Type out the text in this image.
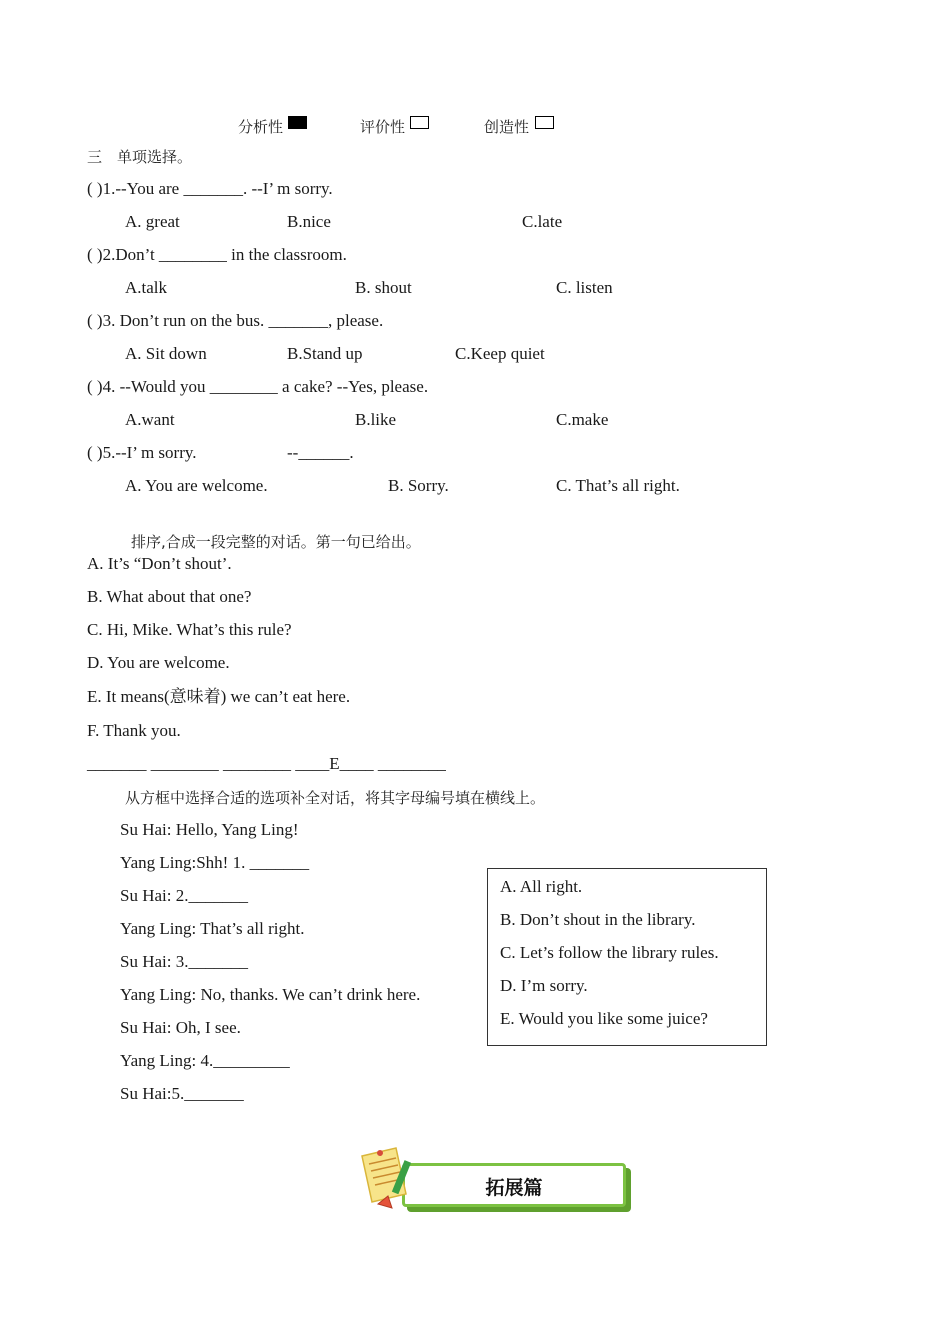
分析性	评价性	创造性
三　单项选择。
( )1.--You are _______. --I’ m sorry.
A. great	B.nice	C.late
( )2.Don’t ________ in the classroom.
A.talk	B. shout	C. listen
( )3. Don’t run on the bus. _______, please.
A. Sit down	B.Stand up	C.Keep quiet
( )4. --Would you ________ a cake? --Yes, please.
A.want	B.like	C.make
( )5.--I’ m sorry.	--______.
A. You are welcome.	B. Sorry.	C. That’s all right.
排序,合成一段完整的对话。第一句已给出。
A. It’s “Don’t shout’.
B. What about that one?
C. Hi, Mike. What’s this rule?
D. You are welcome.
E. It means(意味着) we can’t eat here.
F. Thank you.
_______ ________ ________ ____E____ ________
从方框中选择合适的选项补全对话，将其字母编号填在横线上。
Su Hai: Hello, Yang Ling!
Yang Ling:Shh! 1. _______
Su Hai: 2._______
Yang Ling: That’s all right.
Su Hai: 3._______
Yang Ling: No, thanks. We can’t drink here.
Su Hai: Oh, I see.
Yang Ling: 4._________
Su Hai:5._______
A. All right.
B. Don’t shout in the library.
C. Let’s follow the library rules.
D. I’m sorry.
E. Would you like some juice?
拓展篇
